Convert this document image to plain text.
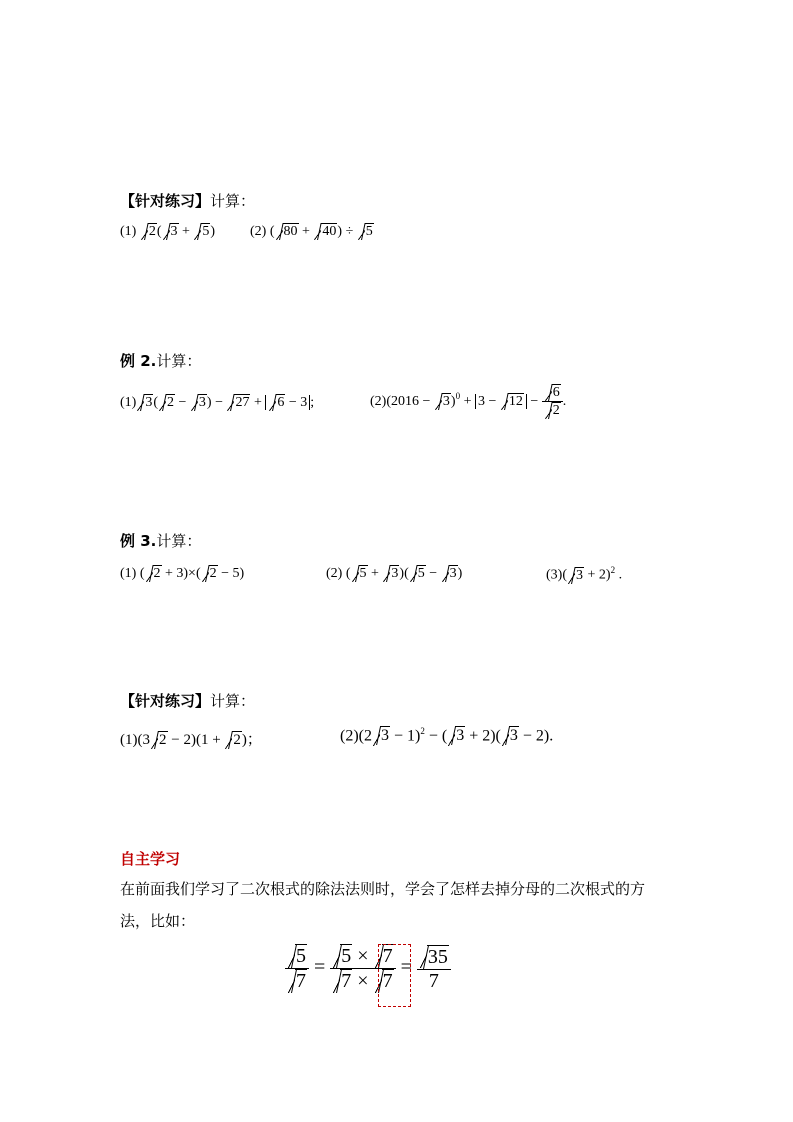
【针对练习】计算：
(1) 2( 3 + 5) (2) ( 80 + 40) ÷ 5
例 2.计算：
(1) 3( 2 − 3) − 27 + 6 − 3 ;	$(2)(2016 - 3)^0 + 3 - 12 - \frac{6}{2}$ .
例 3.计算：
(1) ( 2 + 3)×( 2 − 5)	(2) ( 5 + 3)( 5 − 3)	(3)( 3 + 2)$^2$ .
【针对练习】计算：
(1)(3 2 − 2)(1 + 2)；	(2)(2 3 − 1)$^2$ − ( 3 + 2)( 3 − 2).
自主学习
在前面我们学习了二次根式的除法法则时，学会了怎样去掉分母的二次根式的方
法，比如：
$\frac{5}{7} = \frac{5 \times 7}{7 \times 7} = \frac{35}{7}$
